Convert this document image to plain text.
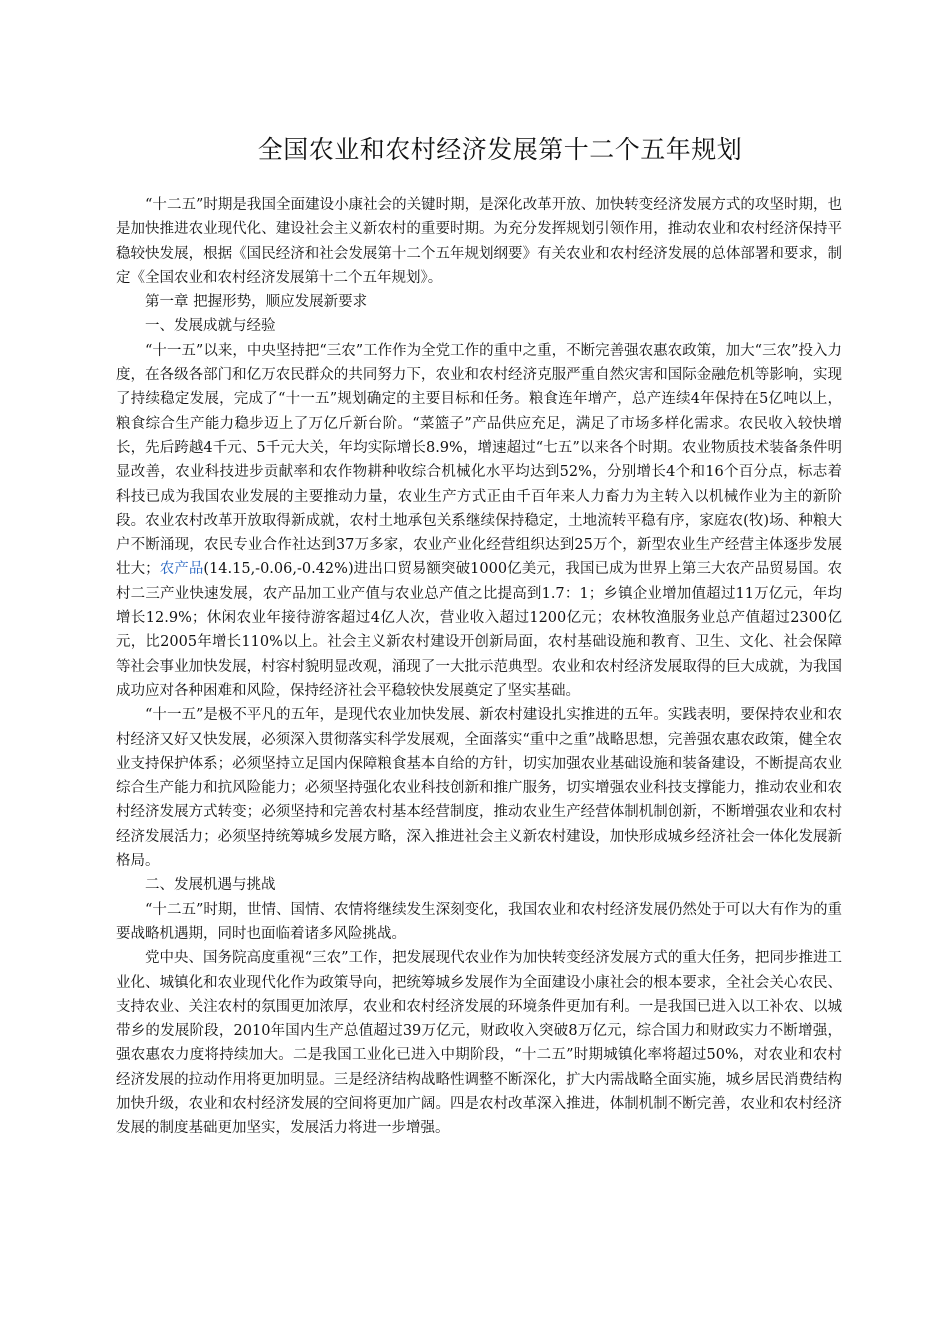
全国农业和农村经济发展第十二个五年规划

“十二五”时期是我国全面建设小康社会的关键时期，是深化改革开放、加快转变经济发展方式的攻坚时期，也是加快推进农业现代化、建设社会主义新农村的重要时期。为充分发挥规划引领作用，推动农业和农村经济保持平稳较快发展，根据《国民经济和社会发展第十二个五年规划纲要》有关农业和农村经济发展的总体部署和要求，制定《全国农业和农村经济发展第十二个五年规划》。

第一章 把握形势，顺应发展新要求

一、发展成就与经验

“十一五”以来，中央坚持把“三农”工作作为全党工作的重中之重，不断完善强农惠农政策，加大“三农”投入力度，在各级各部门和亿万农民群众的共同努力下，农业和农村经济克服严重自然灾害和国际金融危机等影响，实现了持续稳定发展，完成了“十一五”规划确定的主要目标和任务。粮食连年增产，总产连续4年保持在5亿吨以上，粮食综合生产能力稳步迈上了万亿斤新台阶。“菜篮子”产品供应充足，满足了市场多样化需求。农民收入较快增长，先后跨越4千元、5千元大关，年均实际增长8.9%，增速超过“七五”以来各个时期。农业物质技术装备条件明显改善，农业科技进步贡献率和农作物耕种收综合机械化水平均达到52%，分别增长4个和16个百分点，标志着科技已成为我国农业发展的主要推动力量，农业生产方式正由千百年来人力畜力为主转入以机械作业为主的新阶段。农业农村改革开放取得新成就，农村土地承包关系继续保持稳定，土地流转平稳有序，家庭农(牧)场、种粮大户不断涌现，农民专业合作社达到37万多家，农业产业化经营组织达到25万个，新型农业生产经营主体逐步发展壮大；农产品(14.15,-0.06,-0.42%)进出口贸易额突破1000亿美元，我国已成为世界上第三大农产品贸易国。农村二三产业快速发展，农产品加工业产值与农业总产值之比提高到1.7：1；乡镇企业增加值超过11万亿元，年均增长12.9%；休闲农业年接待游客超过4亿人次，营业收入超过1200亿元；农林牧渔服务业总产值超过2300亿元，比2005年增长110%以上。社会主义新农村建设开创新局面，农村基础设施和教育、卫生、文化、社会保障等社会事业加快发展，村容村貌明显改观，涌现了一大批示范典型。农业和农村经济发展取得的巨大成就，为我国成功应对各种困难和风险，保持经济社会平稳较快发展奠定了坚实基础。

“十一五”是极不平凡的五年，是现代农业加快发展、新农村建设扎实推进的五年。实践表明，要保持农业和农村经济又好又快发展，必须深入贯彻落实科学发展观，全面落实“重中之重”战略思想，完善强农惠农政策，健全农业支持保护体系；必须坚持立足国内保障粮食基本自给的方针，切实加强农业基础设施和装备建设，不断提高农业综合生产能力和抗风险能力；必须坚持强化农业科技创新和推广服务，切实增强农业科技支撑能力，推动农业和农村经济发展方式转变；必须坚持和完善农村基本经营制度，推动农业生产经营体制机制创新，不断增强农业和农村经济发展活力；必须坚持统筹城乡发展方略，深入推进社会主义新农村建设，加快形成城乡经济社会一体化发展新格局。

二、发展机遇与挑战

“十二五”时期，世情、国情、农情将继续发生深刻变化，我国农业和农村经济发展仍然处于可以大有作为的重要战略机遇期，同时也面临着诸多风险挑战。

党中央、国务院高度重视“三农”工作，把发展现代农业作为加快转变经济发展方式的重大任务，把同步推进工业化、城镇化和农业现代化作为政策导向，把统筹城乡发展作为全面建设小康社会的根本要求，全社会关心农民、支持农业、关注农村的氛围更加浓厚，农业和农村经济发展的环境条件更加有利。一是我国已进入以工补农、以城带乡的发展阶段，2010年国内生产总值超过39万亿元，财政收入突破8万亿元，综合国力和财政实力不断增强，强农惠农力度将持续加大。二是我国工业化已进入中期阶段，“十二五”时期城镇化率将超过50%，对农业和农村经济发展的拉动作用将更加明显。三是经济结构战略性调整不断深化，扩大内需战略全面实施，城乡居民消费结构加快升级，农业和农村经济发展的空间将更加广阔。四是农村改革深入推进，体制机制不断完善，农业和农村经济发展的制度基础更加坚实，发展活力将进一步增强。
